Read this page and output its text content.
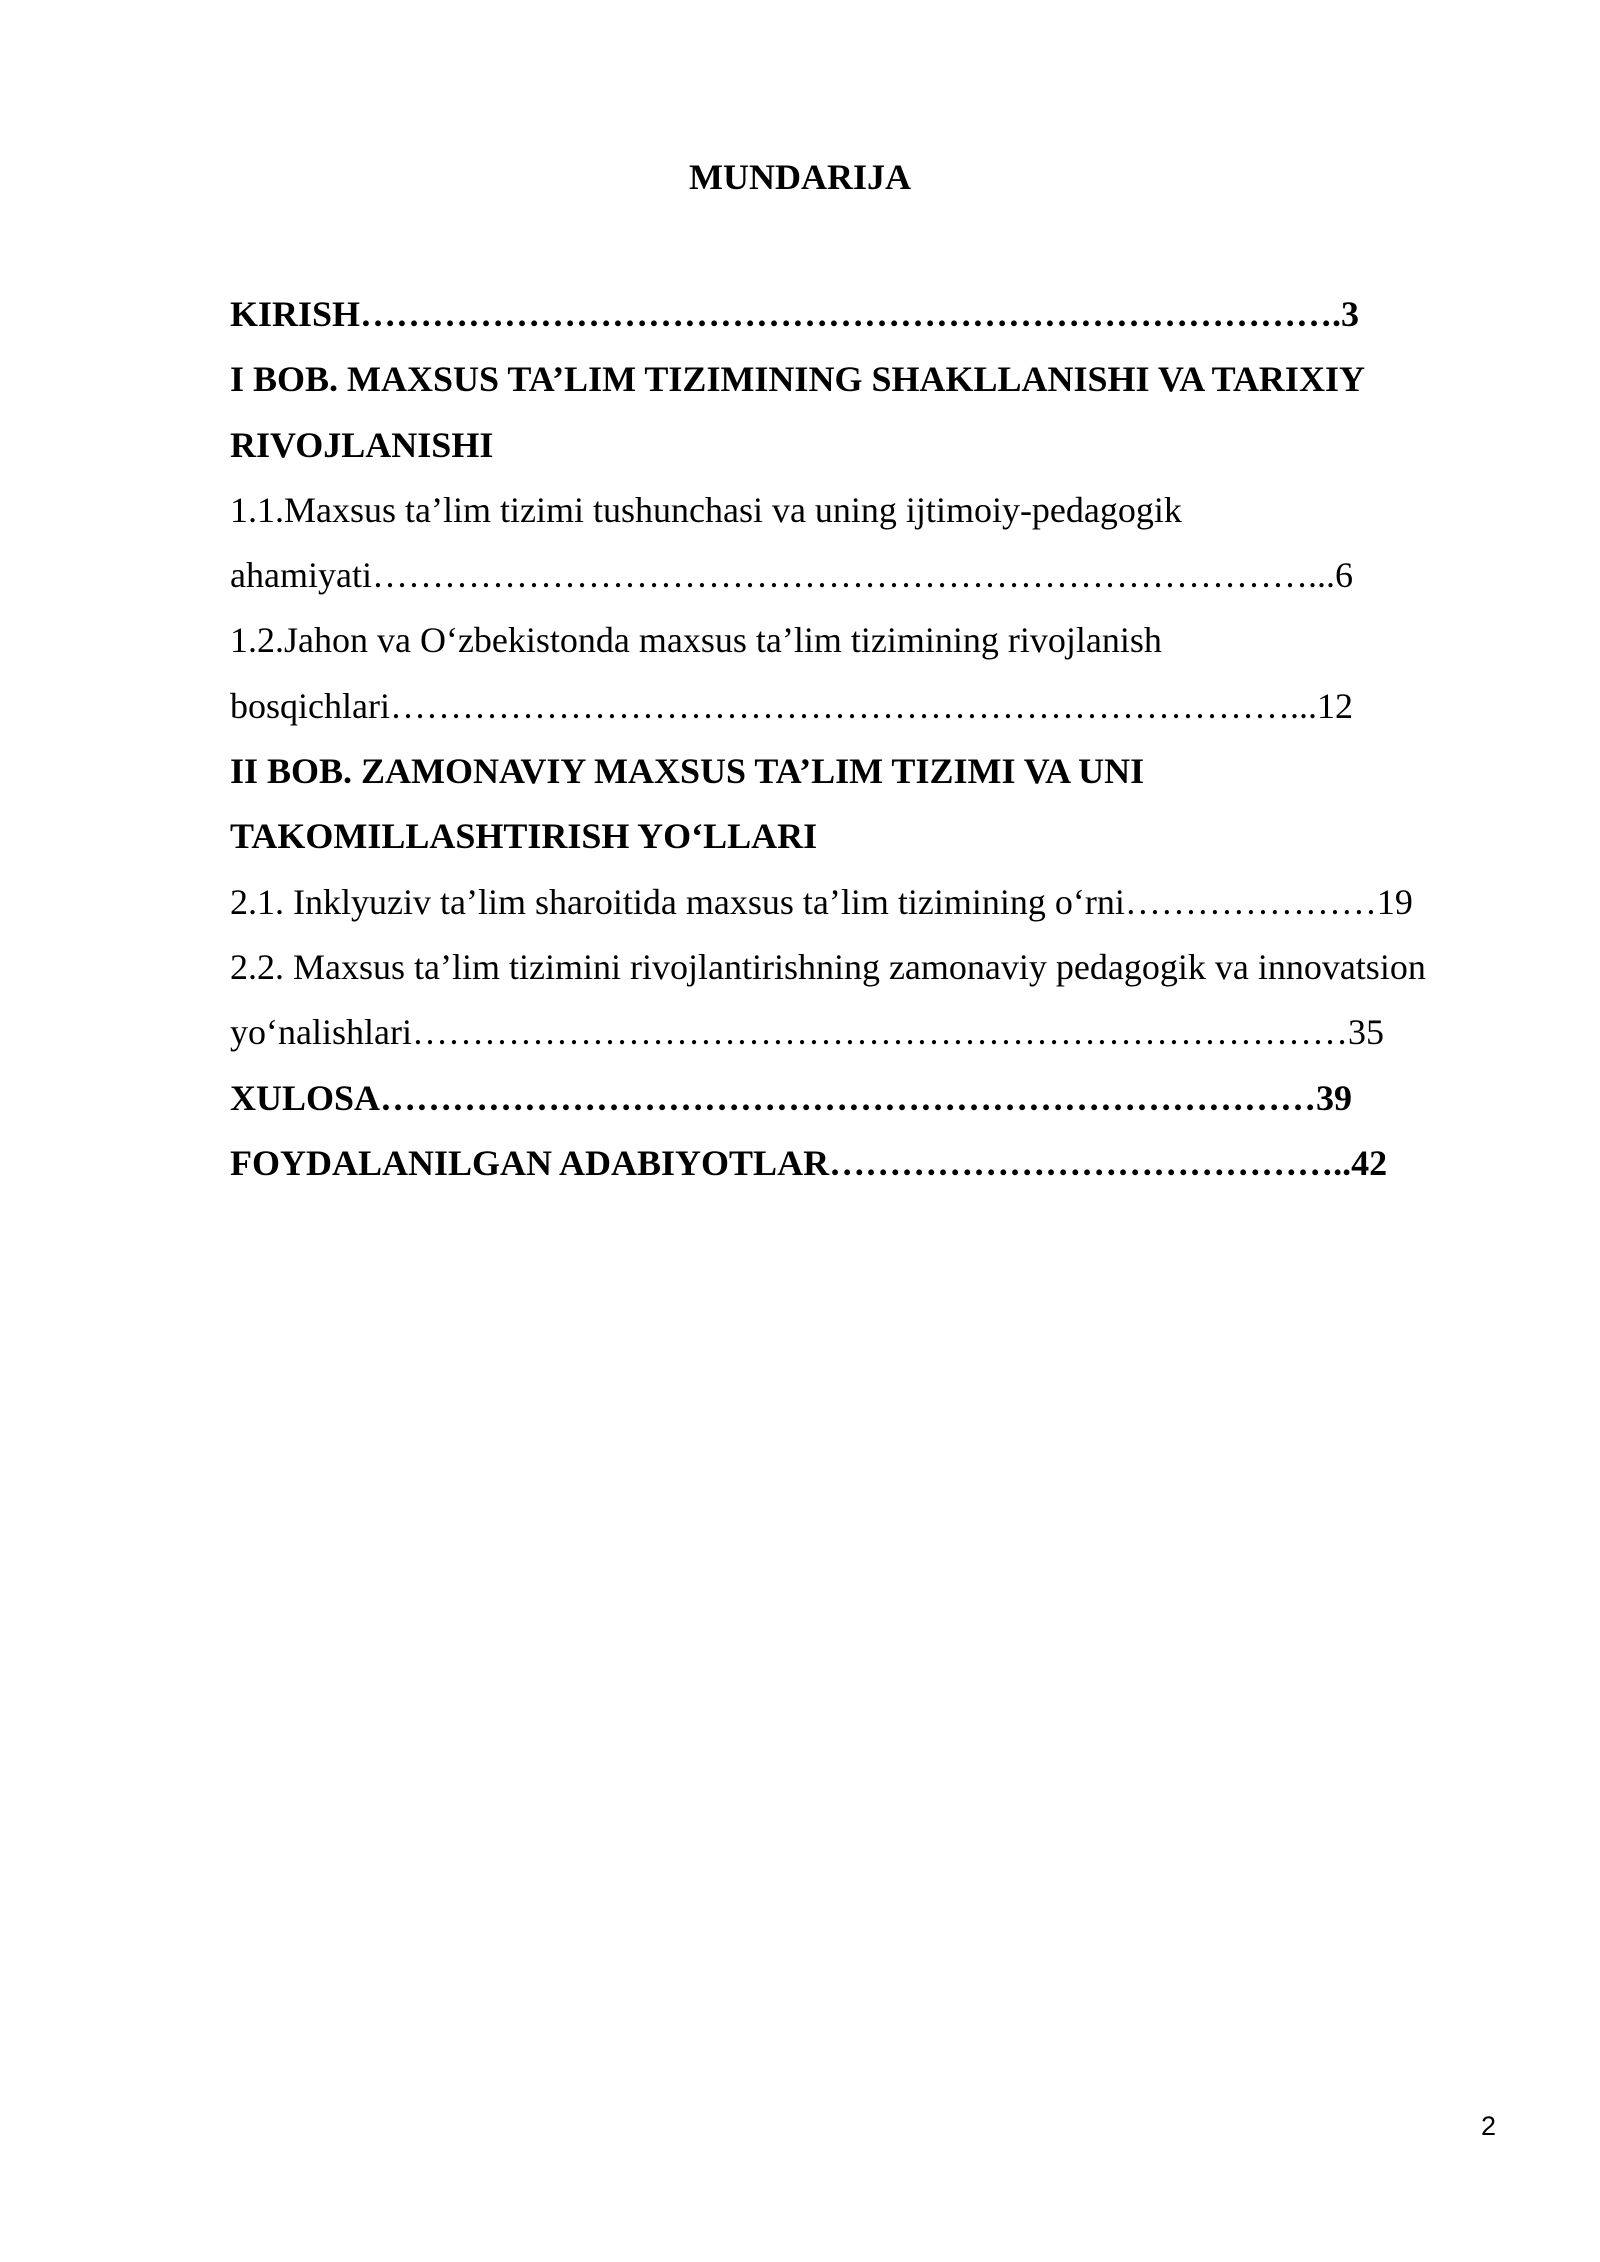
MUNDARIJA
KIRISH……………………………………………………………………….3
I BOB. MAXSUS TA’LIM TIZIMINING SHAKLLANISHI VA TARIXIY
RIVOJLANISHI
1.1.Maxsus ta’lim tizimi tushunchasi va uning ijtimoiy-pedagogik
ahamiyati……………………………………………………………………...6
1.2.Jahon va O‘zbekistonda maxsus ta’lim tizimining rivojlanish
bosqichlari…………………………………………………………………...12
II BOB. ZAMONAVIY MAXSUS TA’LIM TIZIMI VA UNI
TAKOMILLASHTIRISH YO‘LLARI
2.1. Inklyuziv ta’lim sharoitida maxsus ta’lim tizimining o‘rni…………………19
2.2. Maxsus ta’lim tizimini rivojlantirishning zamonaviy pedagogik va innovatsion
yo‘nalishlari……………………………………………………………………35
XULOSA……………………………………………………………………39
FOYDALANILGAN ADABIYOTLAR……………………………………..42
2
